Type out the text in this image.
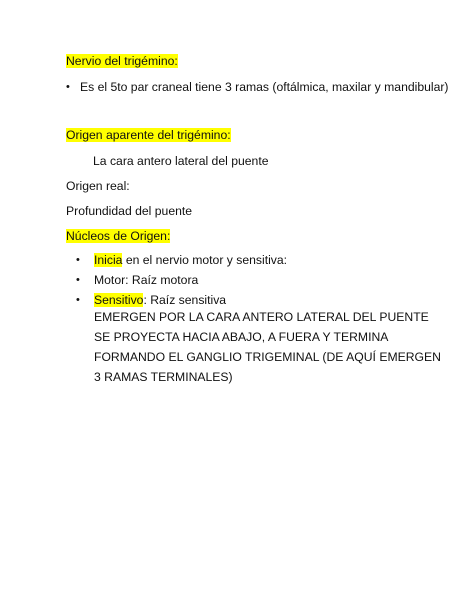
Nervio del trigémino:
• Es el 5to par craneal tiene 3 ramas (oftálmica, maxilar y mandibular)
Origen aparente del trigémino:
La cara antero lateral del puente
Origen real:
Profundidad del puente
Núcleos de Origen:
• Inicia en el nervio motor y sensitiva:
• Motor: Raíz motora
• Sensitivo: Raíz sensitiva
EMERGEN POR LA CARA ANTERO LATERAL DEL PUENTE
SE PROYECTA HACIA ABAJO, A FUERA Y TERMINA
FORMANDO EL GANGLIO TRIGEMINAL (DE AQUÍ EMERGEN
3 RAMAS TERMINALES)
